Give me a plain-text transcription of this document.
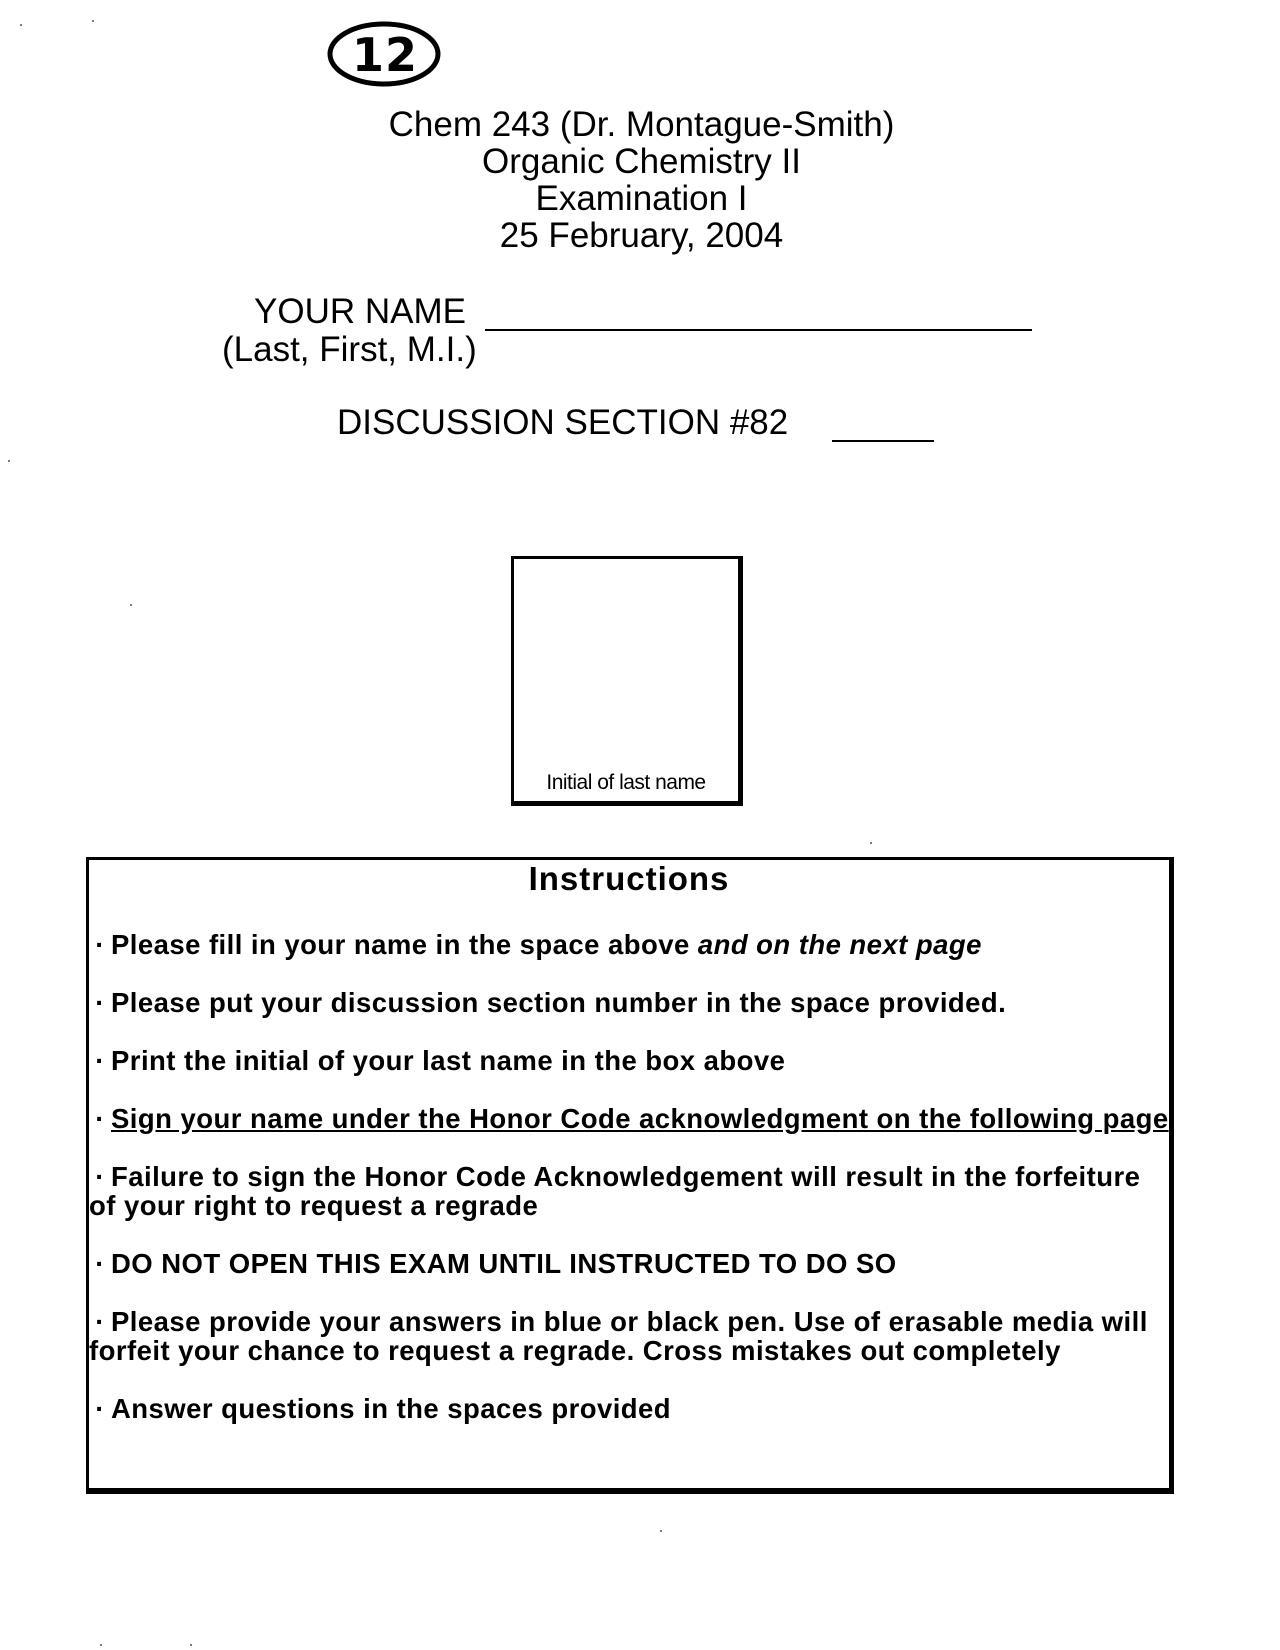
12
Chem 243 (Dr. Montague-Smith)
Organic Chemistry II
Examination I
25 February, 2004
YOUR NAME
(Last, First, M.I.)
DISCUSSION SECTION #82
Initial of last name
Instructions
· Please fill in your name in the space above and on the next page
· Please put your discussion section number in the space provided.
· Print the initial of your last name in the box above
· Sign your name under the Honor Code acknowledgment on the following page
· Failure to sign the Honor Code Acknowledgement will result in the forfeiture of your right to request a regrade
· DO NOT OPEN THIS EXAM UNTIL INSTRUCTED TO DO SO
· Please provide your answers in blue or black pen. Use of erasable media will forfeit your chance to request a regrade. Cross mistakes out completely
· Answer questions in the spaces provided
